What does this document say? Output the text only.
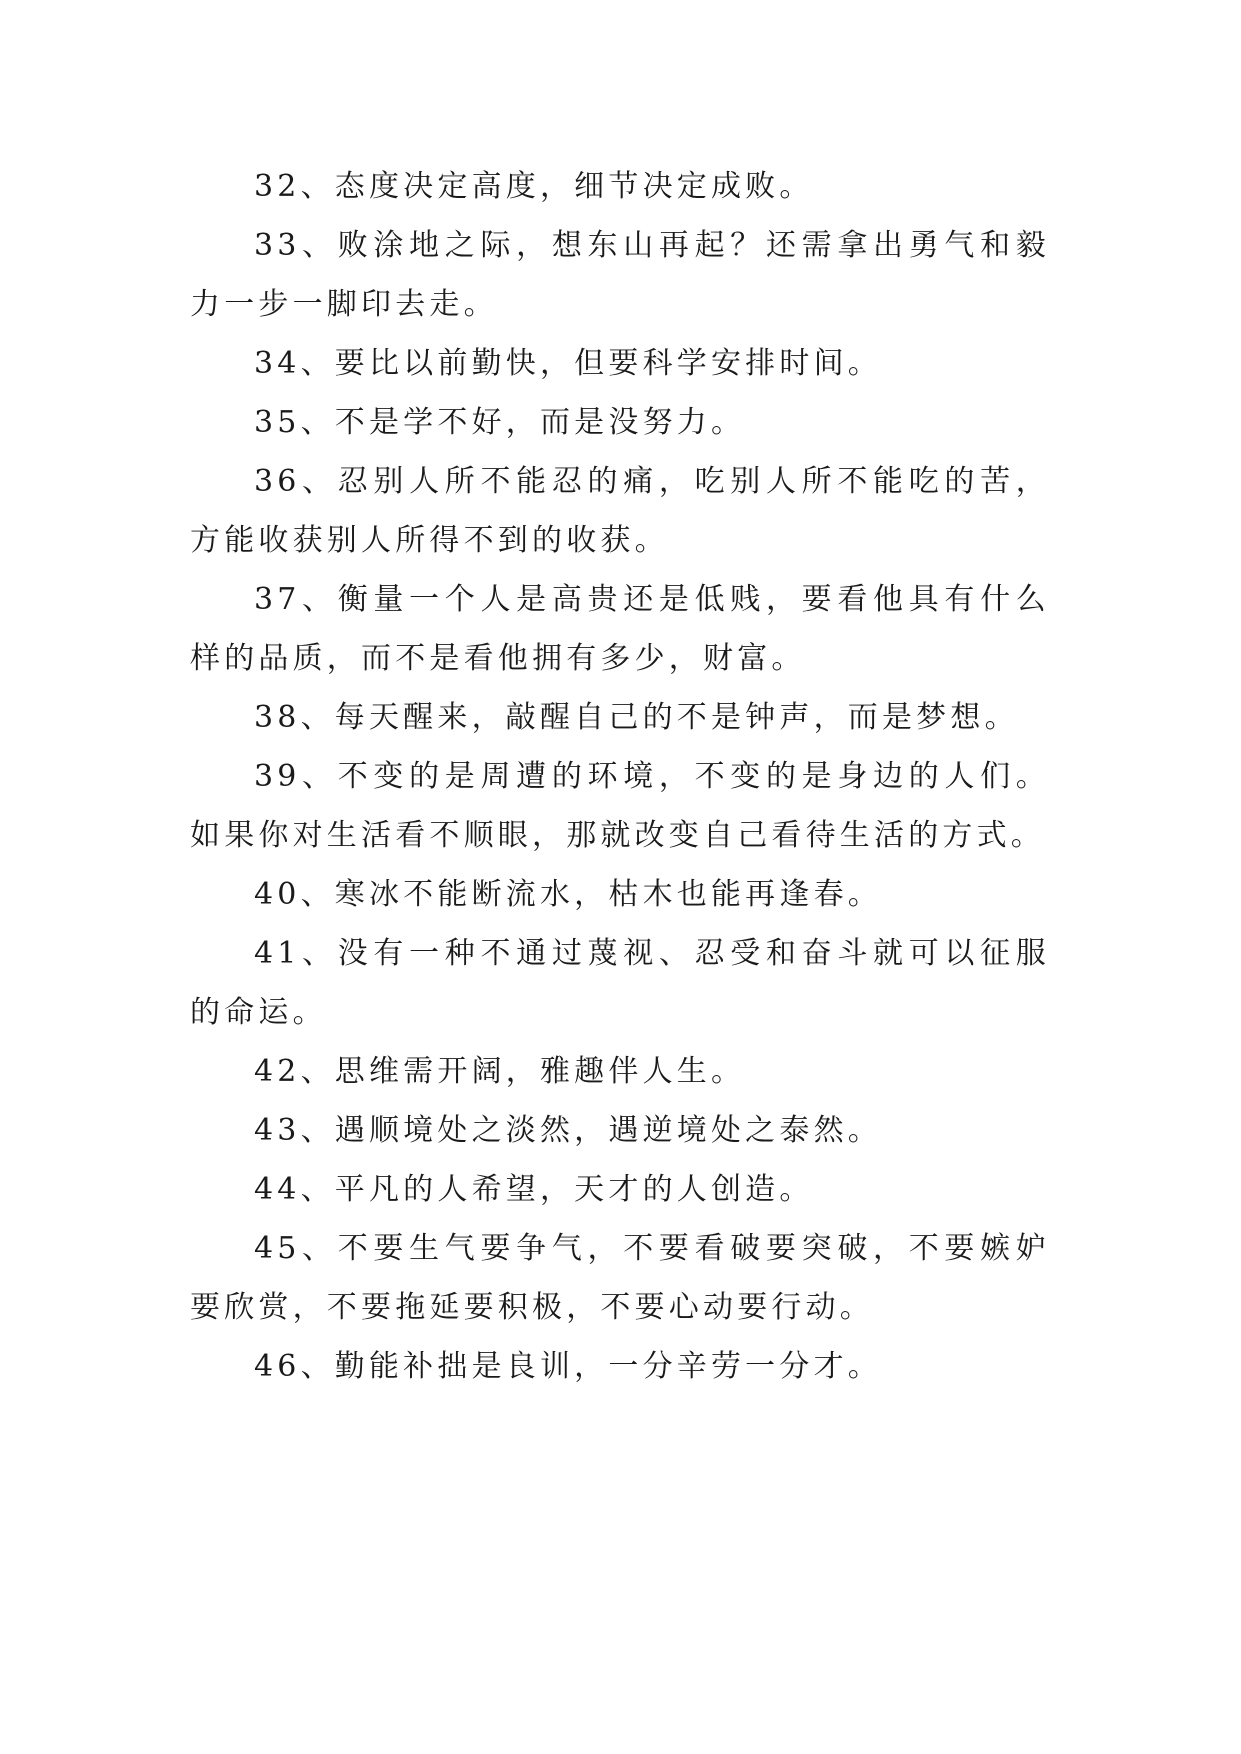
32、态度决定高度，细节决定成败。

33、败涂地之际，想东山再起？还需拿出勇气和毅力一步一脚印去走。

34、要比以前勤快，但要科学安排时间。

35、不是学不好，而是没努力。

36、忍别人所不能忍的痛，吃别人所不能吃的苦，方能收获别人所得不到的收获。

37、衡量一个人是高贵还是低贱，要看他具有什么样的品质，而不是看他拥有多少，财富。

38、每天醒来，敲醒自己的不是钟声，而是梦想。

39、不变的是周遭的环境，不变的是身边的人们。如果你对生活看不顺眼，那就改变自己看待生活的方式。

40、寒冰不能断流水，枯木也能再逢春。

41、没有一种不通过蔑视、忍受和奋斗就可以征服的命运。

42、思维需开阔，雅趣伴人生。

43、遇顺境处之淡然，遇逆境处之泰然。

44、平凡的人希望，天才的人创造。

45、不要生气要争气，不要看破要突破，不要嫉妒要欣赏，不要拖延要积极，不要心动要行动。

46、勤能补拙是良训，一分辛劳一分才。
